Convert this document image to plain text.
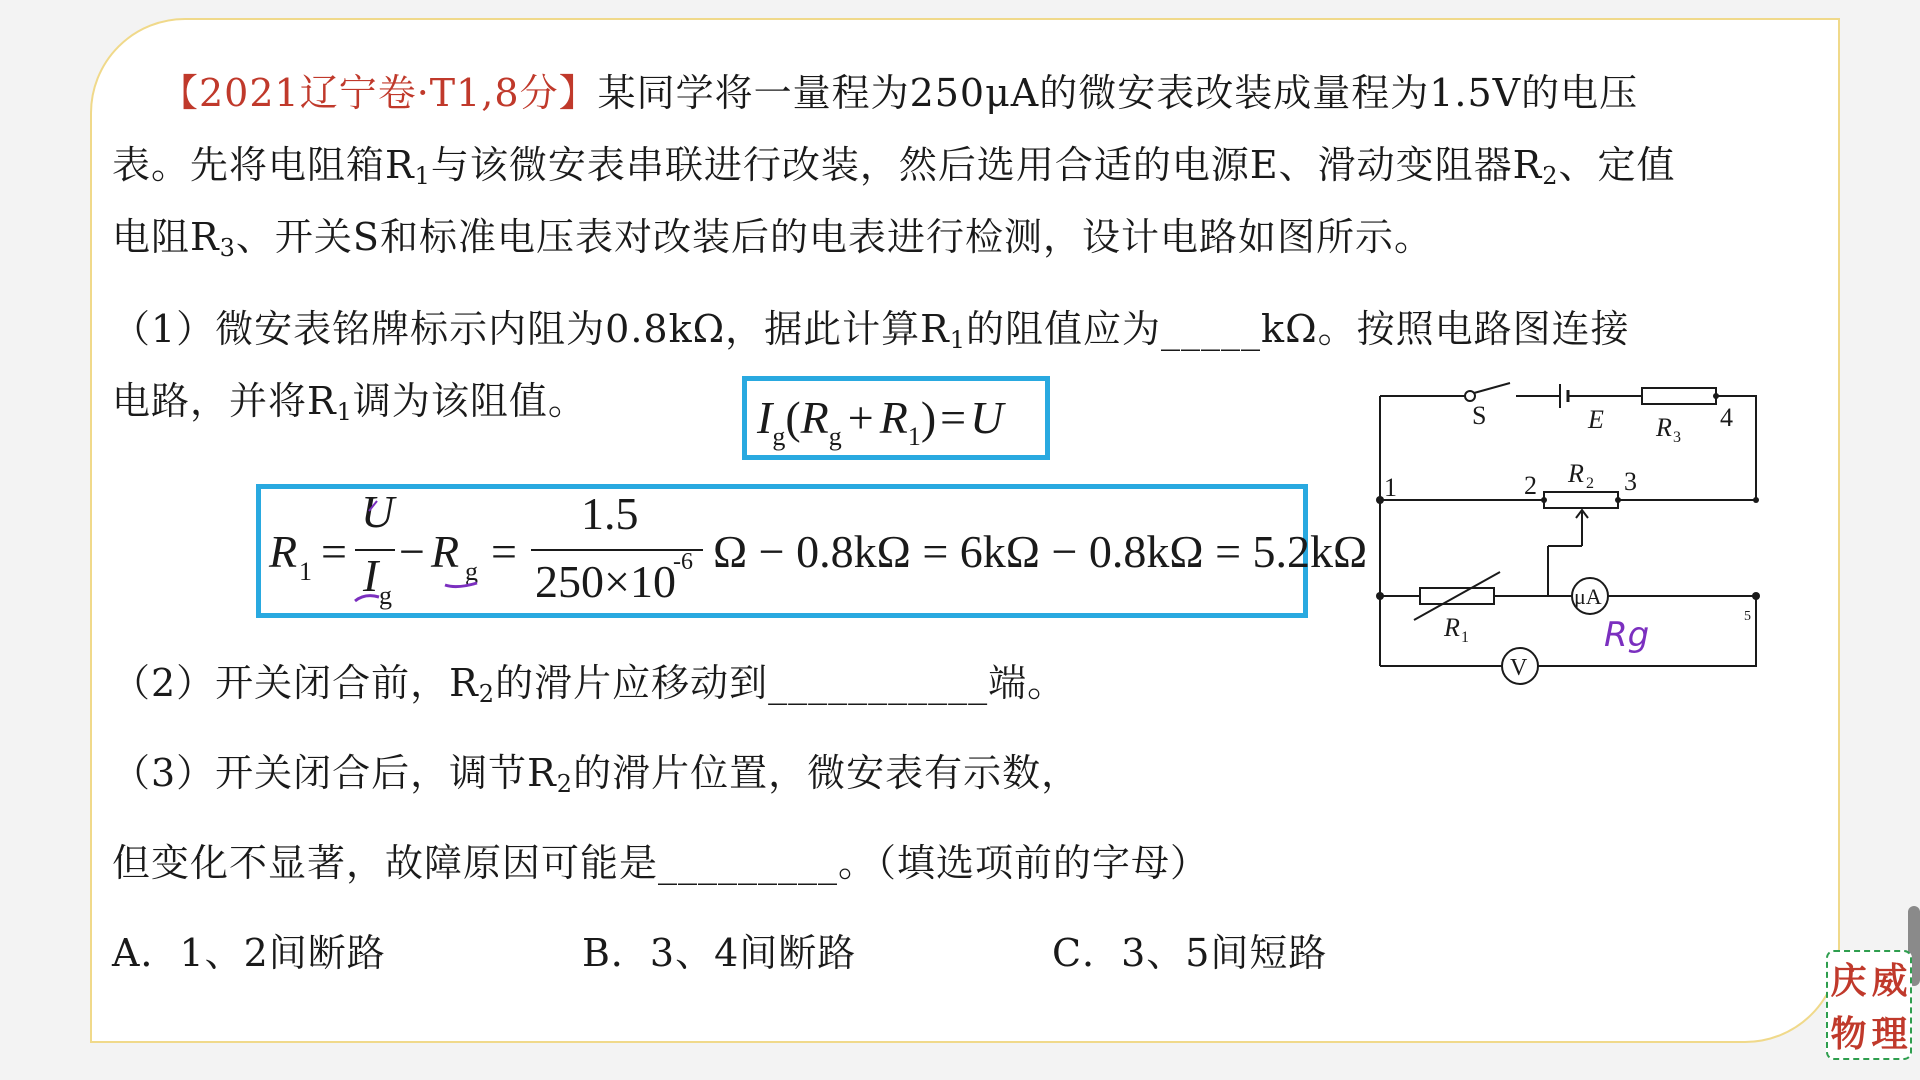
【2021辽宁卷·T1,8分】某同学将一量程为250μA的微安表改装成量程为1.5V的电压
表。先将电阻箱$R_1$与该微安表串联进行改装，然后选用合适的电源E、滑动变阻器$R_2$、定值
电阻$R_3$、开关S和标准电压表对改装后的电表进行检测，设计电路如图所示。
（1）微安表铭牌标示内阻为0.8kΩ，据此计算$R_1$的阻值应为_____kΩ。按照电路图连接
电路，并将$R_1$调为该阻值。	$I_g(R_g + R_1)=U$
R 1 =
U
I g
− R g =
1.5
250×10
-6 Ω − 0.8kΩ = 6kΩ − 0.8kΩ = 5.2kΩ
（2）开关闭合前，$R_2$的滑片应移动到___________端。
（3）开关闭合后，调节$R_2$的滑片位置，微安表有示数，
但变化不显著，故障原因可能是_________。（填选项前的字母）
A．1、2间断路	B．3、4间断路	C．3、5间短路
S	E R 3
4
1	2 R 2 3
R 1
μA
5
V
Rg
庆 威
物 理
